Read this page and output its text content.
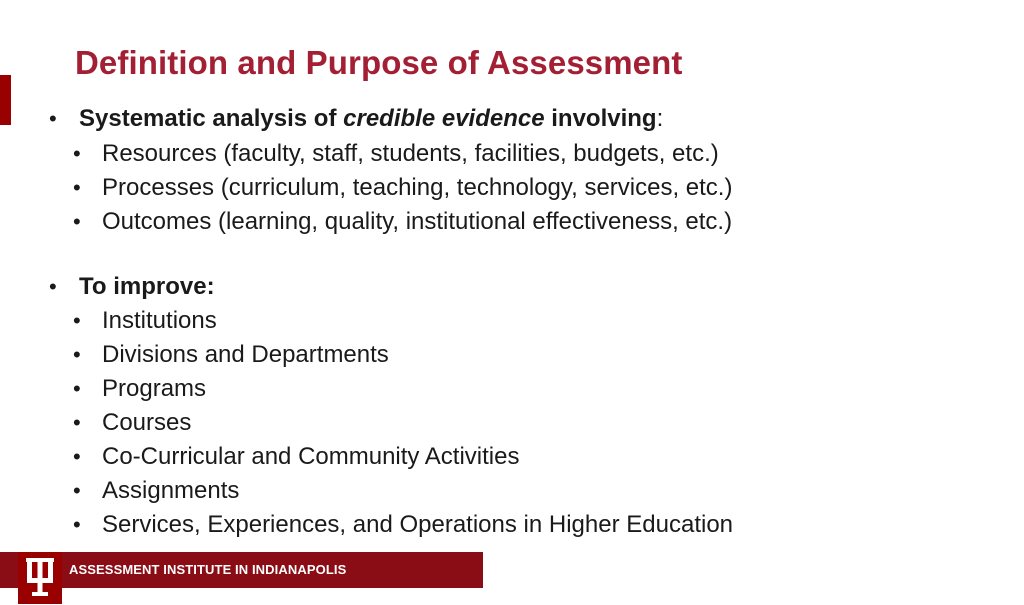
Definition and Purpose of Assessment
• Systematic analysis of credible evidence involving:
• Resources (faculty, staff, students, facilities, budgets, etc.)
• Processes (curriculum, teaching, technology, services, etc.)
• Outcomes (learning, quality, institutional effectiveness, etc.)
• To improve:
• Institutions
• Divisions and Departments
• Programs
• Courses
• Co-Curricular and Community Activities
• Assignments
• Services, Experiences, and Operations in Higher Education
ASSESSMENT INSTITUTE IN INDIANAPOLIS
